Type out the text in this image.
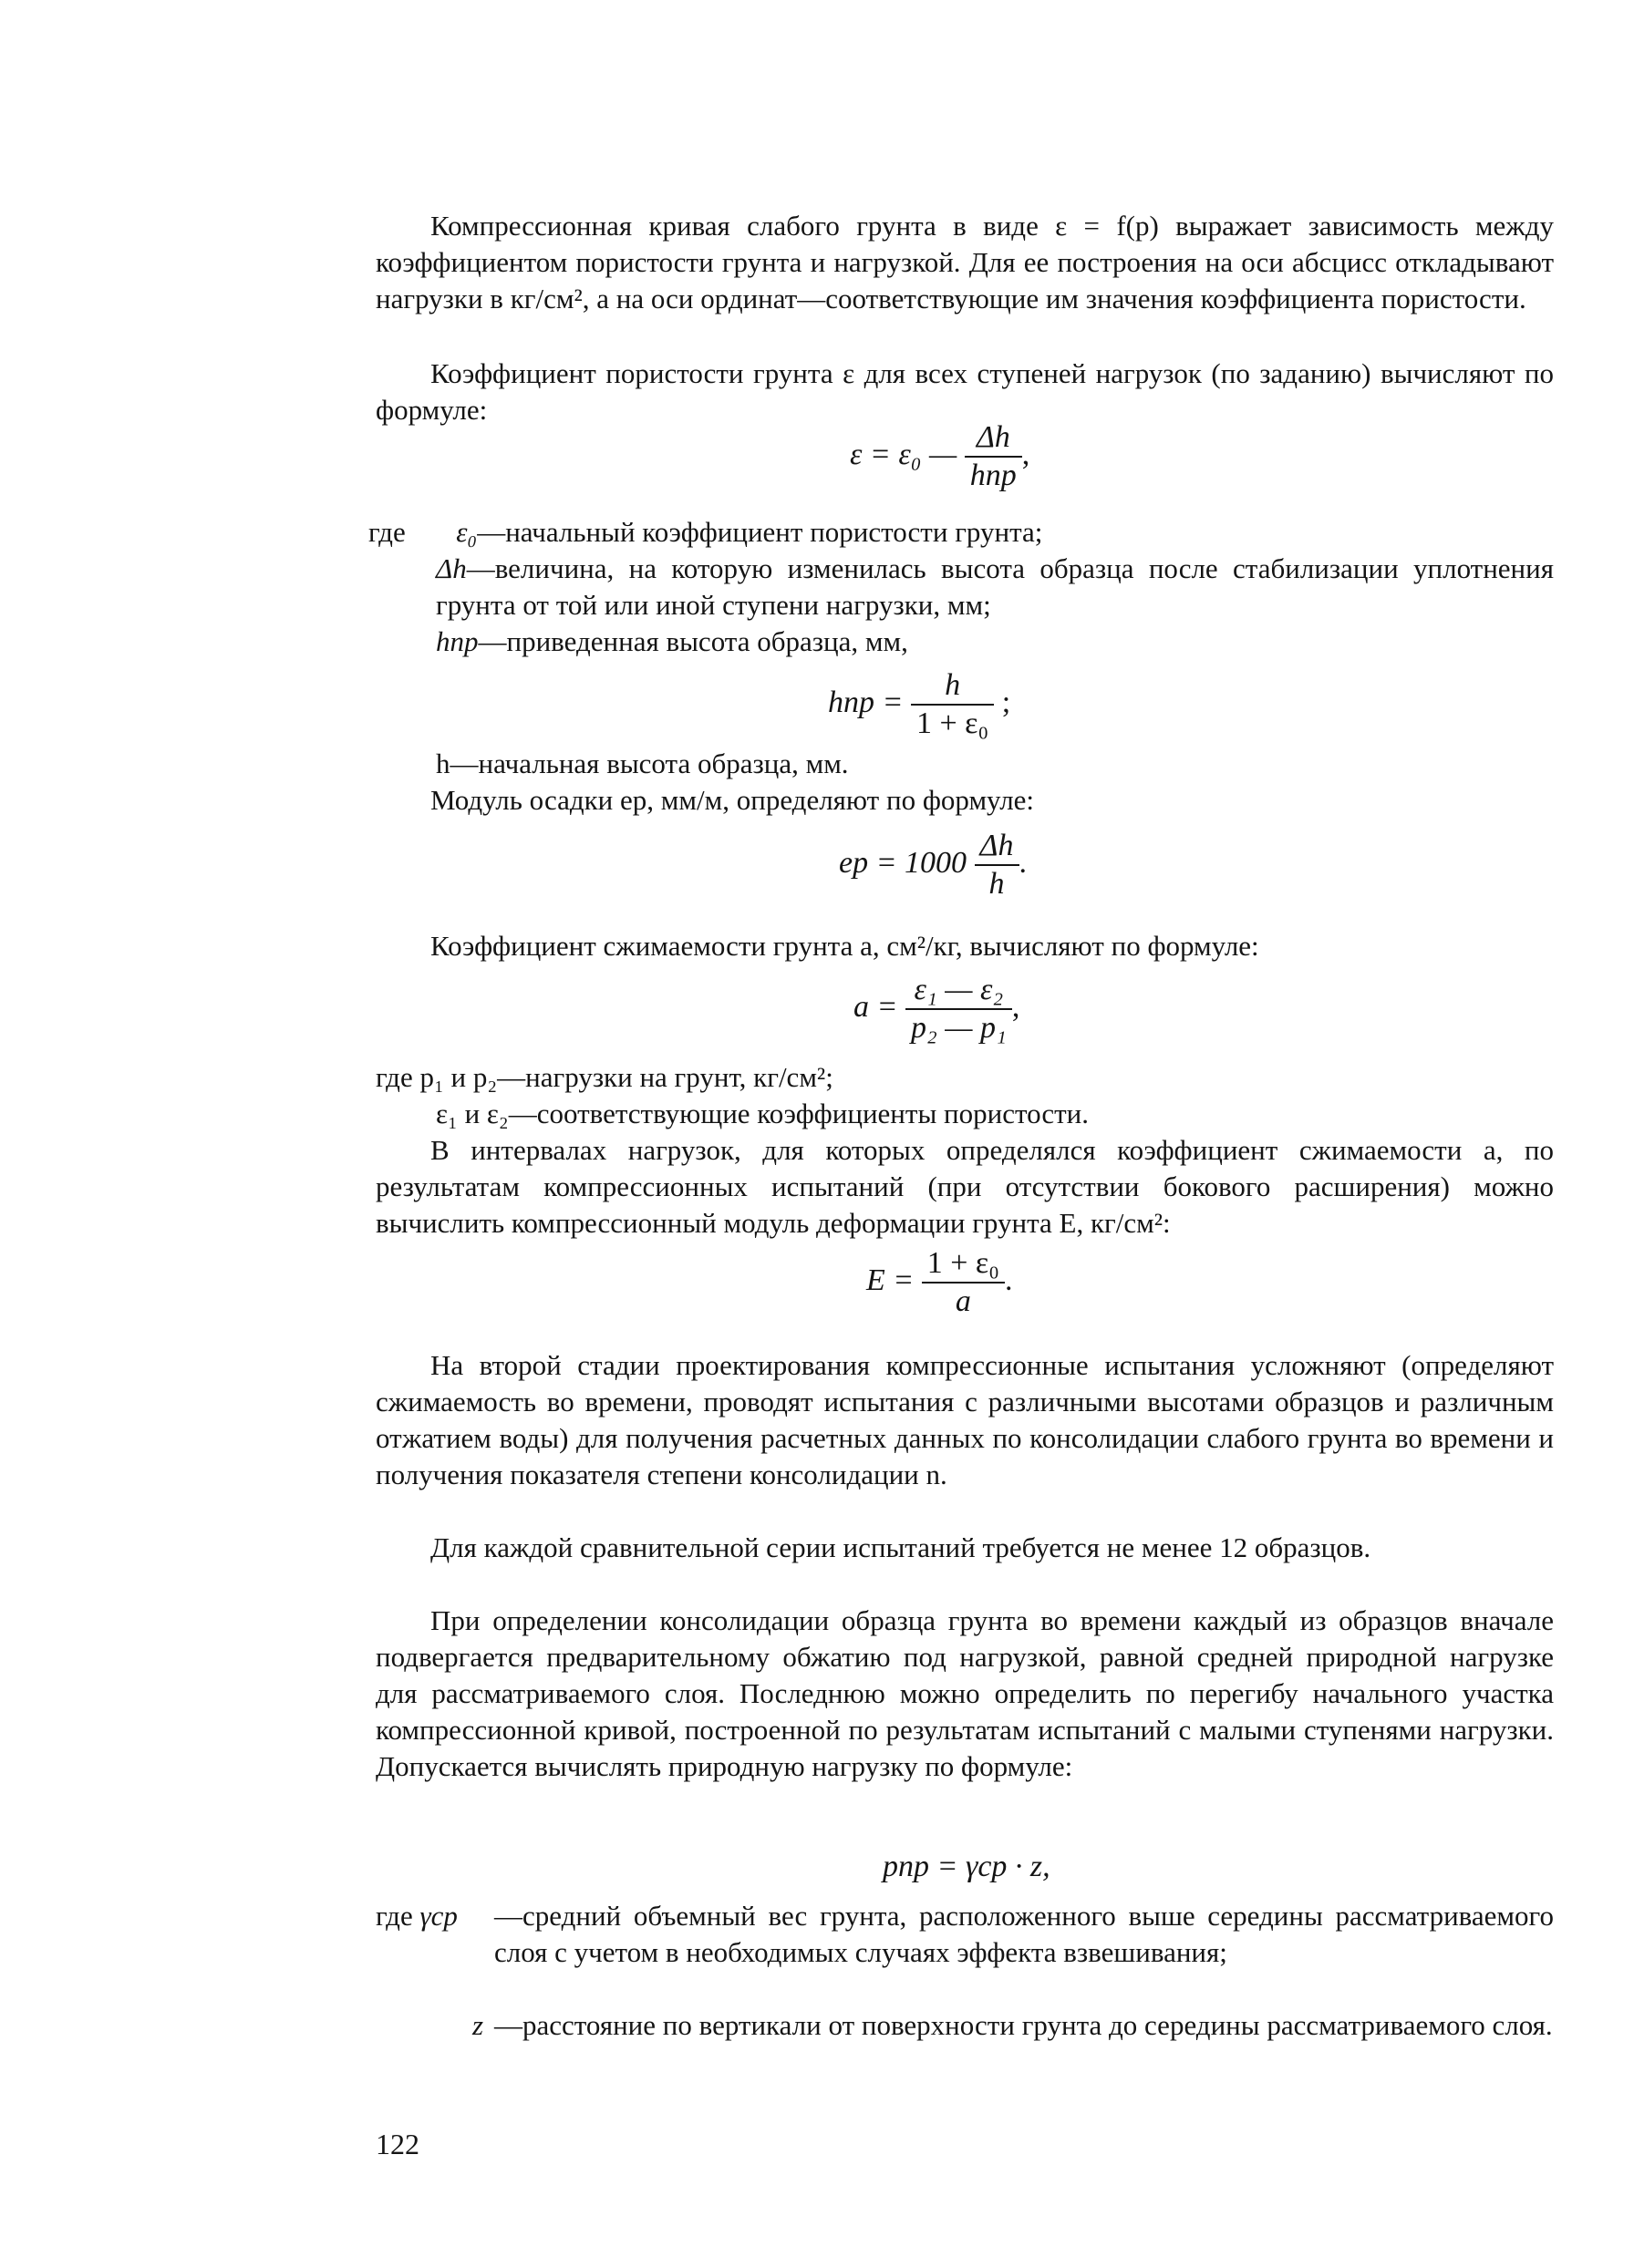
Компрессионная кривая слабого грунта в виде ε = f(p) выражает зависимость между коэффициентом пористости грунта и нагрузкой. Для ее построения на оси абсцисс откладывают нагрузки в кг/см², а на оси ординат—соответствующие им значения коэффициента пористости.
Коэффициент пористости грунта ε для всех ступеней нагрузок (по заданию) вычисляют по формуле:
ε = ε₀ — $\frac{\Delta h}{\text{hпр}}$ ,
где ε₀—начальный коэффициент пористости грунта;
Δh—величина, на которую изменилась высота образца после стабилизации уплотнения грунта от той или иной ступени нагрузки, мм;
hпр—приведенная высота образца, мм,
hпр = $\frac{h}{\text{1 + ε₀}}$ ;
h—начальная высота образца, мм.
Модуль осадки ep, мм/м, определяют по формуле:
ep = $1000 \frac{\Delta h}{h}$ .
Коэффициент сжимаемости грунта a, см²/кг, вычисляют по формуле:
$a = \frac{\text{ε₁ — ε₂}}{\text{p₂ — p₁}}$ ,
где p₁ и p₂—нагрузки на грунт, кг/см²;
ε₁ и ε₂—соответствующие коэффициенты пористости.
В интервалах нагрузок, для которых определялся коэффициент сжимаемости a, по результатам компрессионных испытаний (при отсутствии бокового расширения) можно вычислить компрессионный модуль деформации грунта E, кг/см²:
$E = \frac{\text{1 + ε₀}}{a}$ .
На второй стадии проектирования компрессионные испытания усложняют (определяют сжимаемость во времени, проводят испытания с различными высотами образцов и различным отжатием воды) для получения расчетных данных по консолидации слабого грунта во времени и получения показателя степени консолидации n.
Для каждой сравнительной серии испытаний требуется не менее 12 образцов.
При определении консолидации образца грунта во времени каждый из образцов вначале подвергается предварительному обжатию под нагрузкой, равной средней природной нагрузке для рассматриваемого слоя. Последнюю можно определить по перегибу начального участка компрессионной кривой, построенной по результатам испытаний с малыми ступенями нагрузки. Допускается вычислять природную нагрузку по формуле:
pпр = γср · z,
где γср —средний объемный вес грунта, расположенного выше середины рассматриваемого слоя с учетом в необходимых случаях эффекта взвешивания;
z —расстояние по вертикали от поверхности грунта до середины рассматриваемого слоя.
122
